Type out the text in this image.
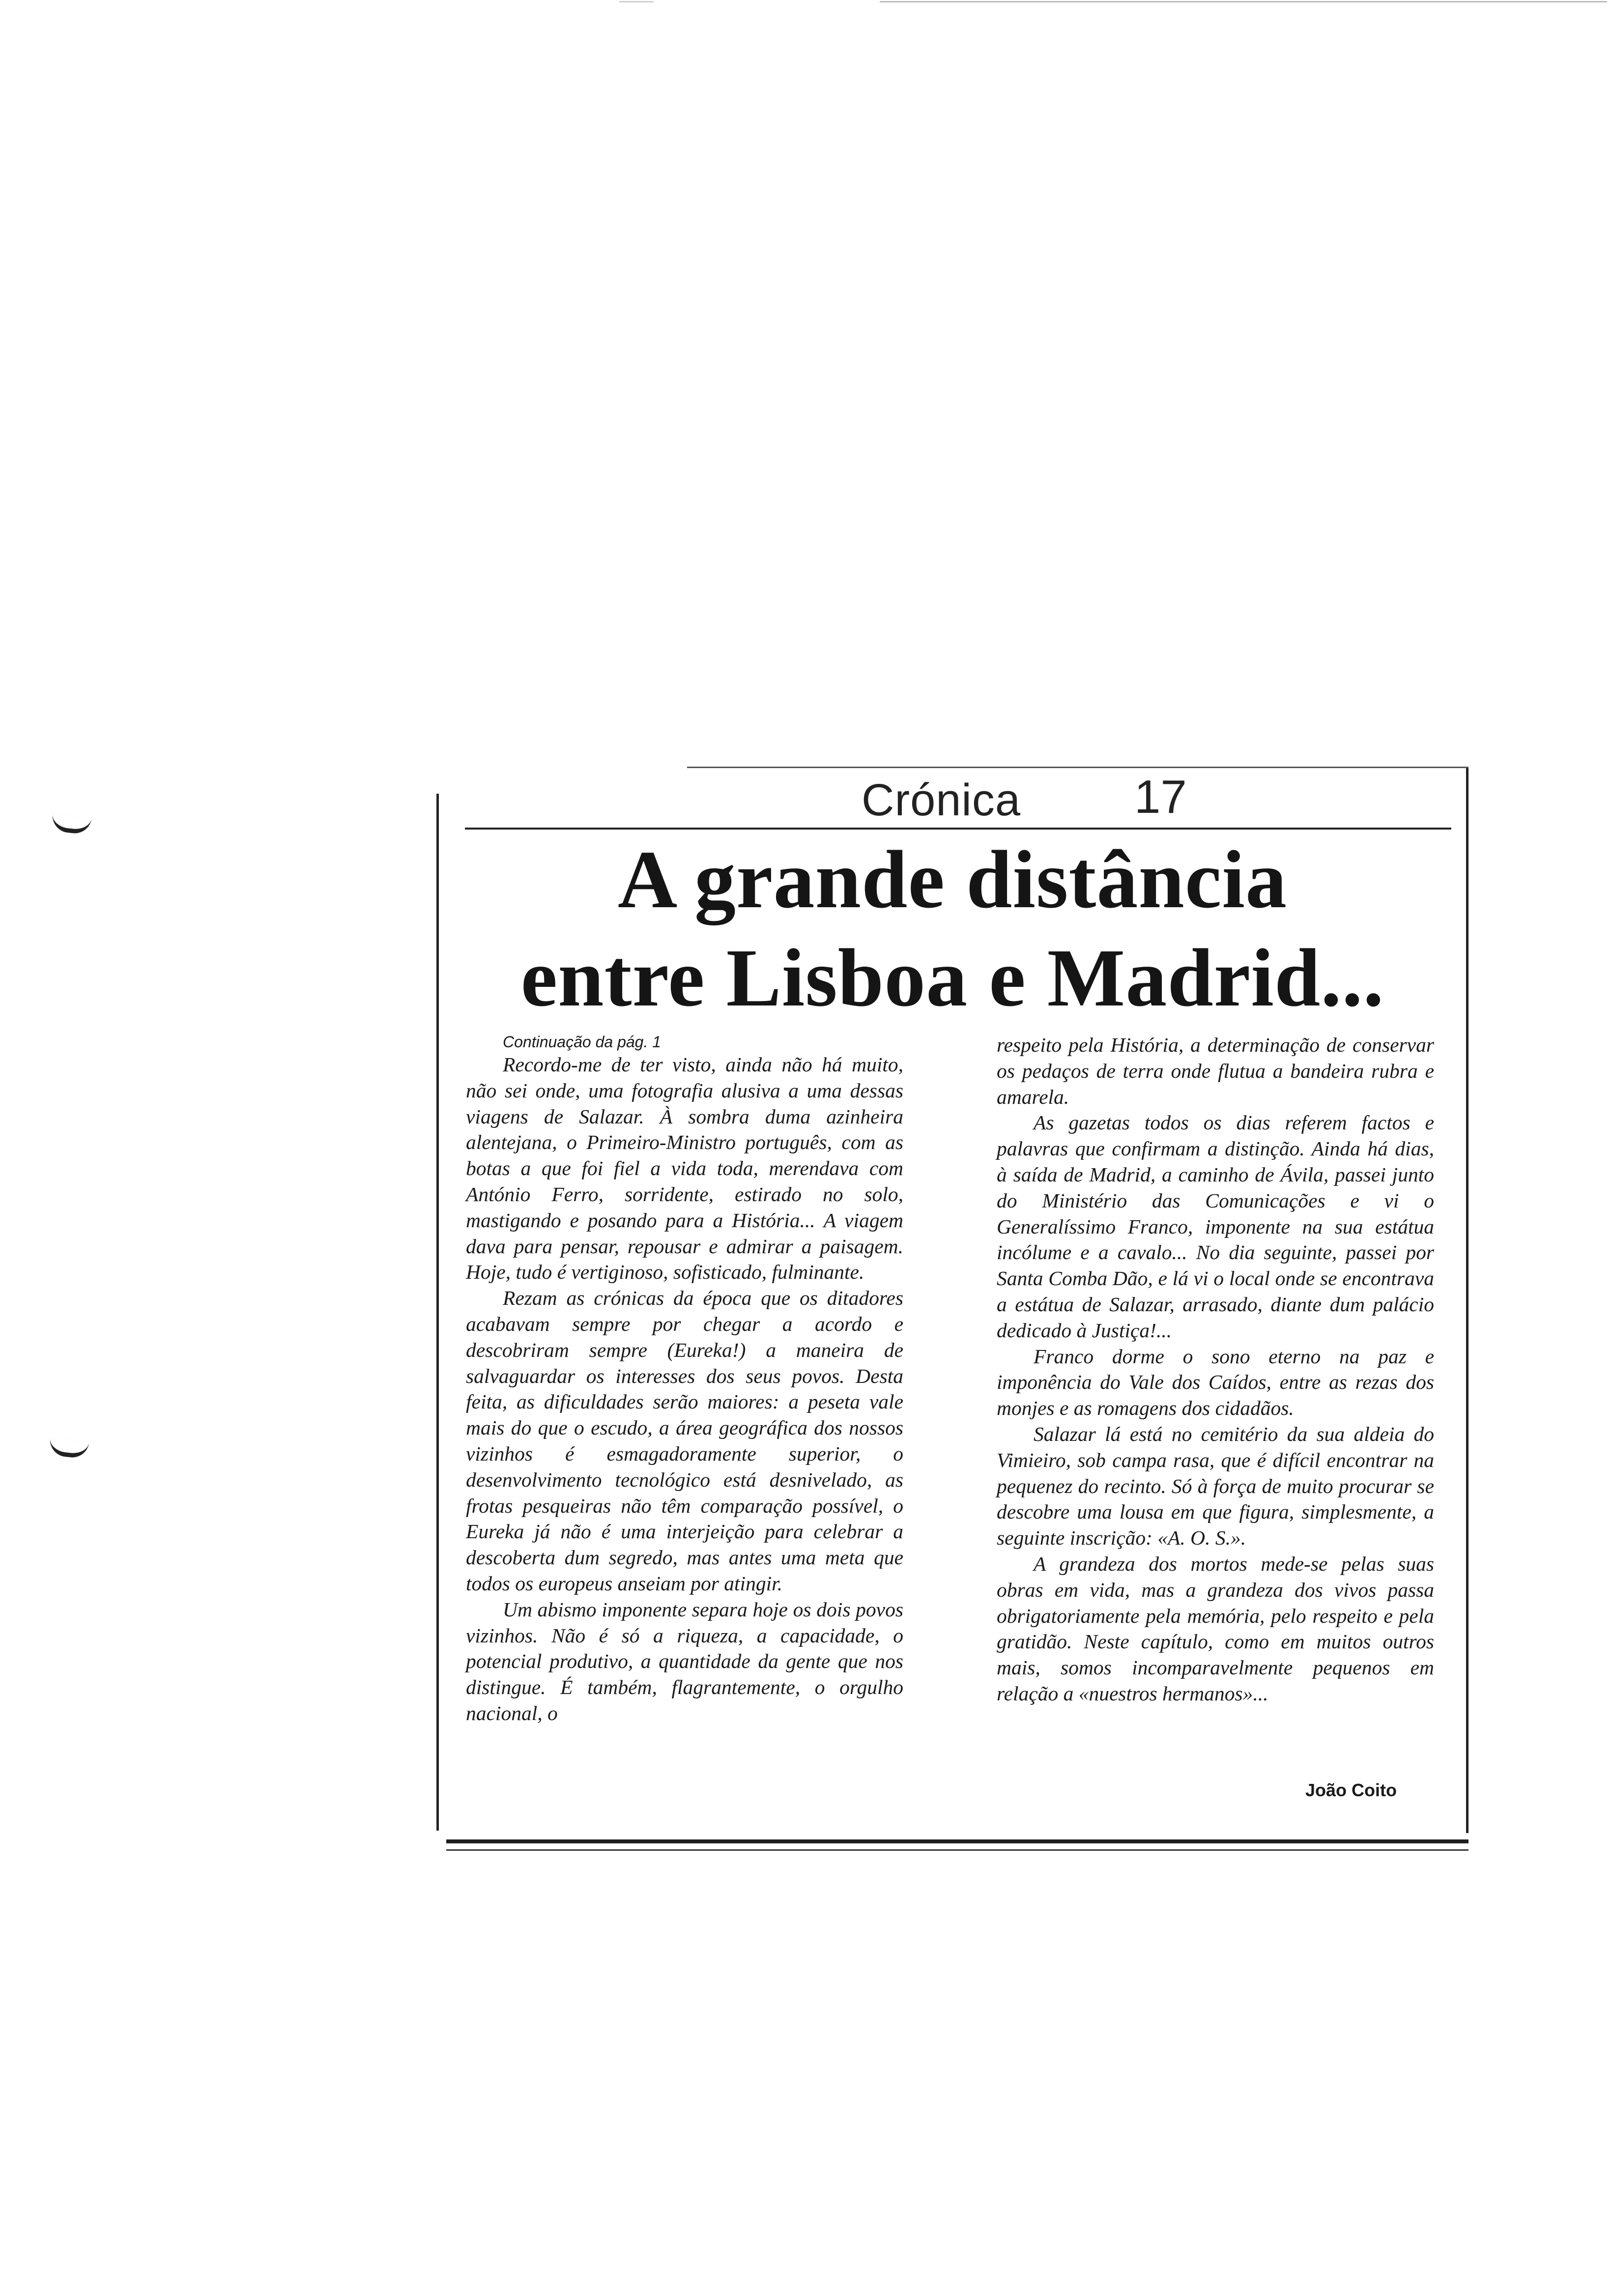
Crónica 17
A grande distância
entre Lisboa e Madrid...

Continuação da pág. 1

Recordo-me de ter visto, ainda não há muito, não sei onde, uma fotografia alusiva a uma dessas viagens de Salazar. À sombra duma azinheira alentejana, o Primeiro-Ministro português, com as botas a que foi fiel a vida toda, merendava com António Ferro, sorridente, estirado no solo, mastigando e posando para a História... A viagem dava para pensar, repousar e admirar a paisagem. Hoje, tudo é vertiginoso, sofisticado, fulminante.

Rezam as crónicas da época que os ditadores acabavam sempre por chegar a acordo e descobriram sempre (Eureka!) a maneira de salvaguardar os interesses dos seus povos. Desta feita, as dificuldades serão maiores: a peseta vale mais do que o escudo, a área geográfica dos nossos vizinhos é esmagadoramente superior, o desenvolvimento tecnológico está desnivelado, as frotas pesqueiras não têm comparação possível, o Eureka já não é uma interjeição para celebrar a descoberta dum segredo, mas antes uma meta que todos os europeus anseiam por atingir.

Um abismo imponente separa hoje os dois povos vizinhos. Não é só a riqueza, a capacidade, o potencial produtivo, a quantidade da gente que nos distingue. É também, flagrantemente, o orgulho nacional, o

respeito pela História, a determinação de conservar os pedaços de terra onde flutua a bandeira rubra e amarela.

As gazetas todos os dias referem factos e palavras que confirmam a distinção. Ainda há dias, à saída de Madrid, a caminho de Ávila, passei junto do Ministério das Comunicações e vi o Generalíssimo Franco, imponente na sua estátua incólume e a cavalo... No dia seguinte, passei por Santa Comba Dão, e lá vi o local onde se encontrava a estátua de Salazar, arrasado, diante dum palácio dedicado à Justiça!...

Franco dorme o sono eterno na paz e imponência do Vale dos Caídos, entre as rezas dos monjes e as romagens dos cidadãos.

Salazar lá está no cemitério da sua aldeia do Vimieiro, sob campa rasa, que é difícil encontrar na pequenez do recinto. Só à força de muito procurar se descobre uma lousa em que figura, simplesmente, a seguinte inscrição: «A. O. S.».

A grandeza dos mortos mede-se pelas suas obras em vida, mas a grandeza dos vivos passa obrigatoriamente pela memória, pelo respeito e pela gratidão. Neste capítulo, como em muitos outros mais, somos incomparavelmente pequenos em relação a «nuestros hermanos»...

João Coito
